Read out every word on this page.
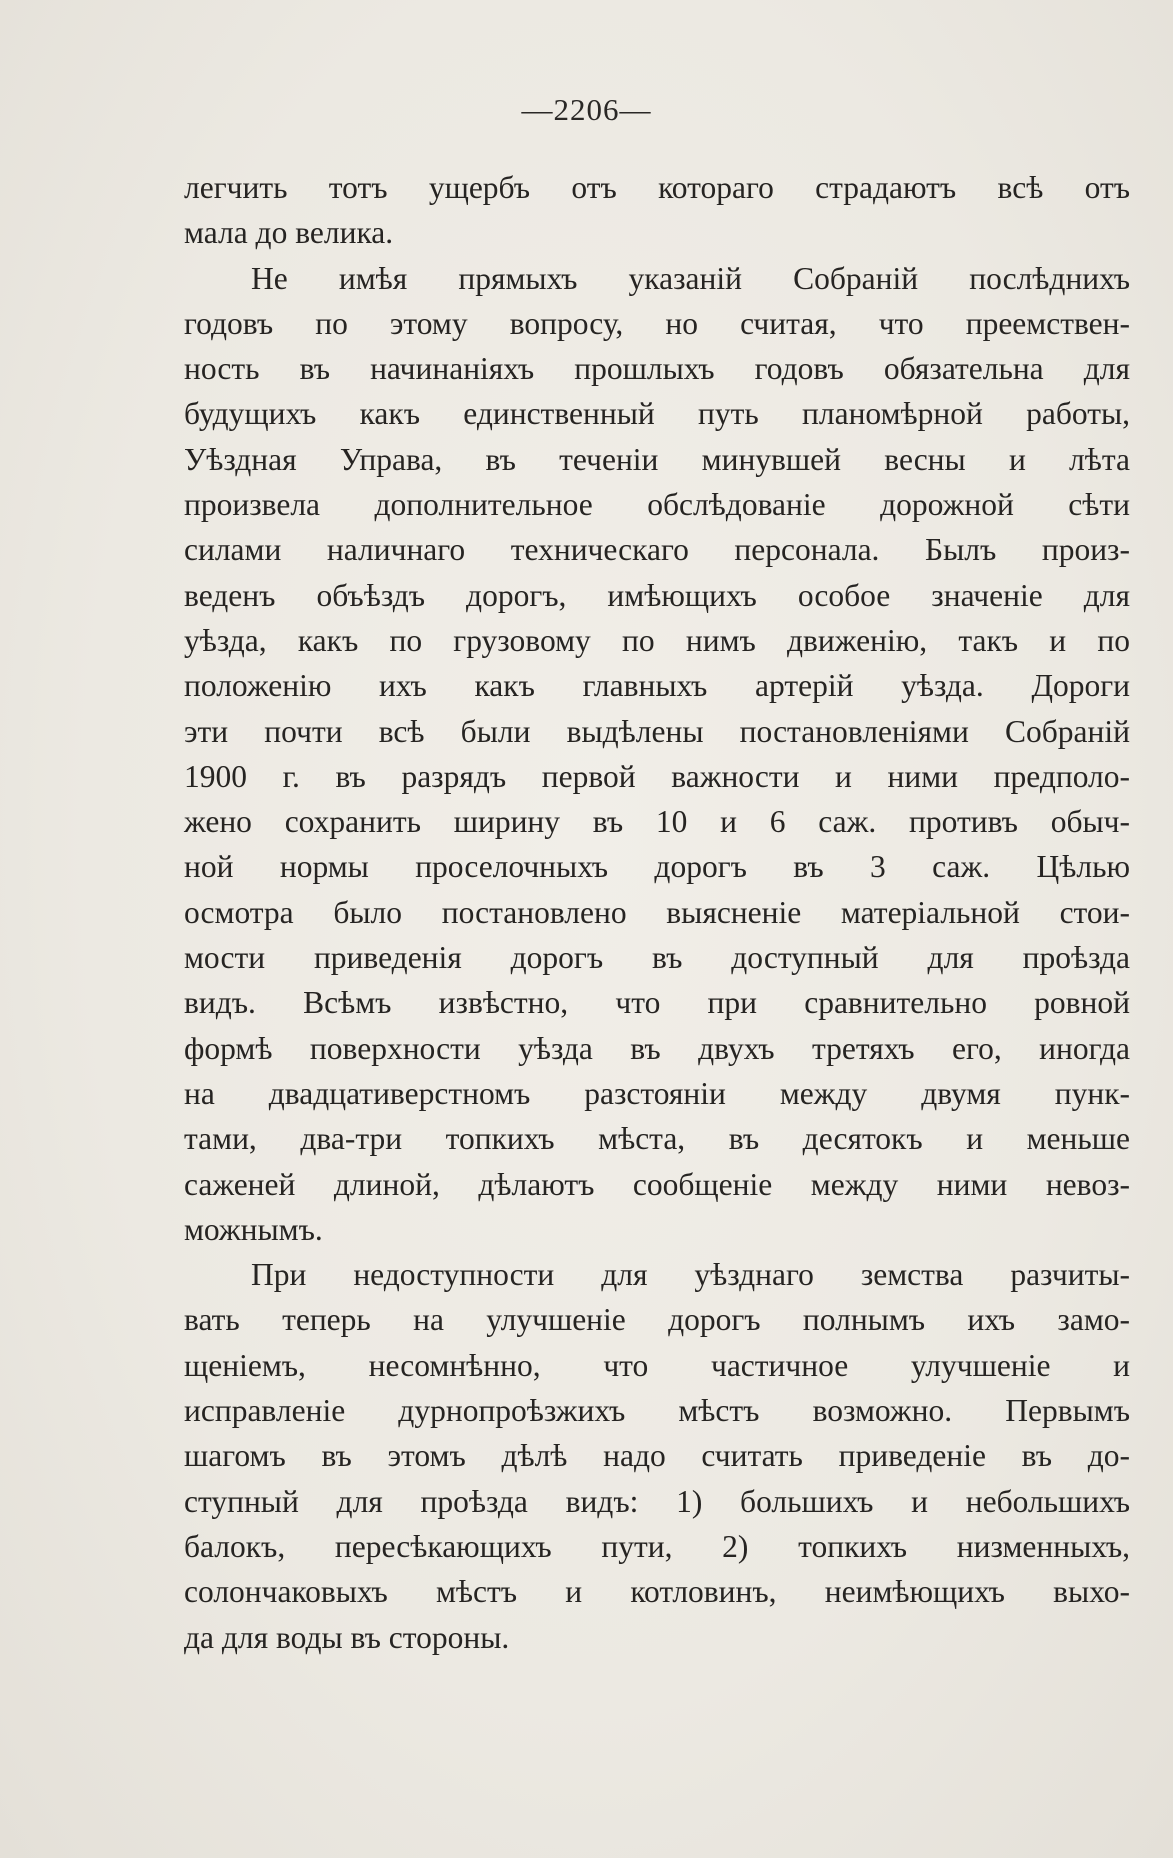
—2206—
легчить тотъ ущербъ отъ котораго страдаютъ всѣ отъ
мала до велика.
Не имѣя прямыхъ указаній Собраній послѣднихъ
годовъ по этому вопросу, но считая, что преемствен-
ность въ начинаніяхъ прошлыхъ годовъ обязательна для
будущихъ какъ единственный путь планомѣрной работы,
Уѣздная Управа, въ теченіи минувшей весны и лѣта
произвела дополнительное обслѣдованіе дорожной сѣти
силами наличнаго техническаго персонала. Былъ произ-
веденъ объѣздъ дорогъ, имѣющихъ особое значеніе для
уѣзда, какъ по грузовому по нимъ движенію, такъ и по
положенію ихъ какъ главныхъ артерій уѣзда. Дороги
эти почти всѣ были выдѣлены постановленіями Собраній
1900 г. въ разрядъ первой важности и ними предполо-
жено сохранить ширину въ 10 и 6 саж. противъ обыч-
ной нормы проселочныхъ дорогъ въ 3 саж. Цѣлью
осмотра было постановлено выясненіе матеріальной стои-
мости приведенія дорогъ въ доступный для проѣзда
видъ. Всѣмъ извѣстно, что при сравнительно ровной
формѣ поверхности уѣзда въ двухъ третяхъ его, иногда
на двадцативерстномъ разстояніи между двумя пунк-
тами, два-три топкихъ мѣста, въ десятокъ и меньше
саженей длиной, дѣлаютъ сообщеніе между ними невоз-
можнымъ.
При недоступности для уѣзднаго земства разчиты-
вать теперь на улучшеніе дорогъ полнымъ ихъ замо-
щеніемъ, несомнѣнно, что частичное улучшеніе и
исправленіе дурнопроѣзжихъ мѣстъ возможно. Первымъ
шагомъ въ этомъ дѣлѣ надо считать приведеніе въ до-
ступный для проѣзда видъ: 1) большихъ и небольшихъ
балокъ, пересѣкающихъ пути, 2) топкихъ низменныхъ,
солончаковыхъ мѣстъ и котловинъ, неимѣющихъ выхо-
да для воды въ стороны.
